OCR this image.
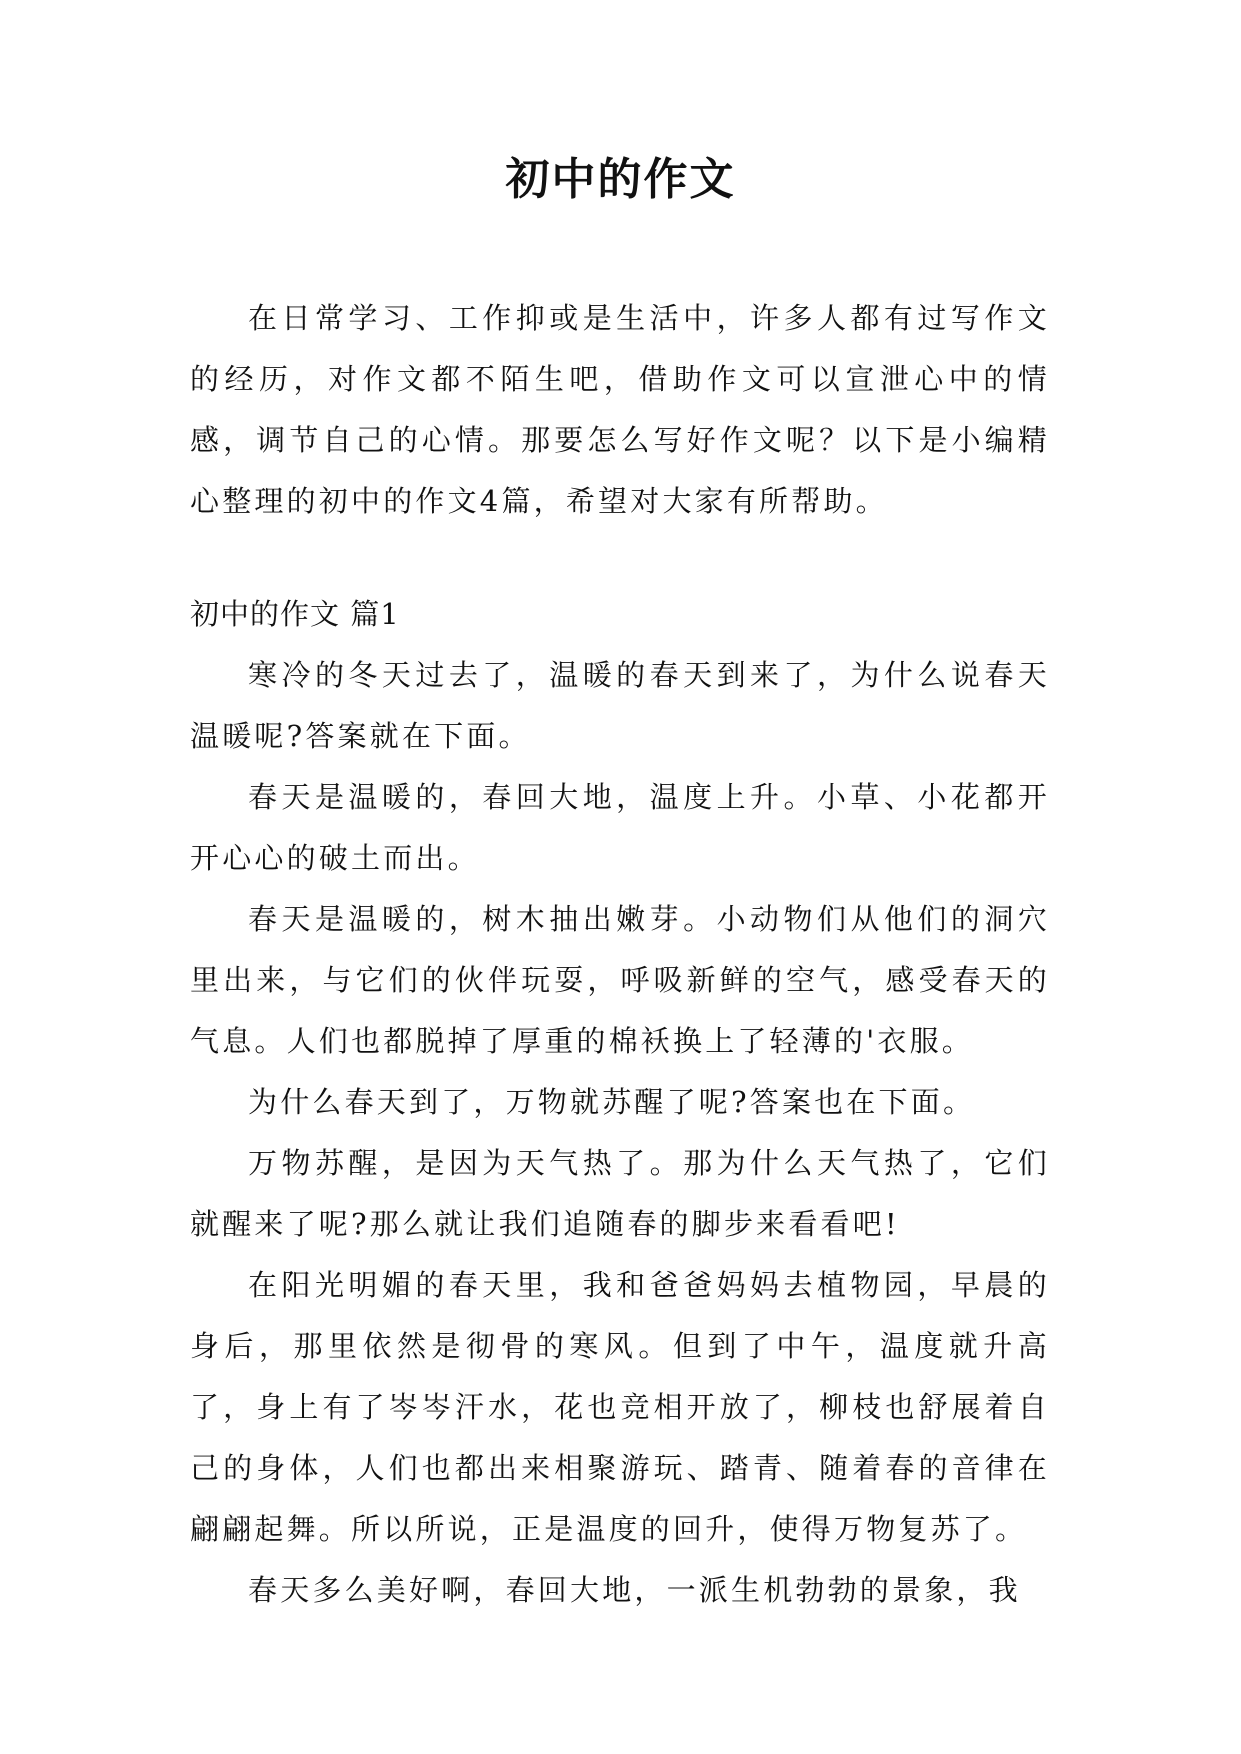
初中的作文

在日常学习、工作抑或是生活中，许多人都有过写作文的经历，对作文都不陌生吧，借助作文可以宣泄心中的情感，调节自己的心情。那要怎么写好作文呢？以下是小编精心整理的初中的作文4篇，希望对大家有所帮助。

初中的作文 篇1

寒冷的冬天过去了，温暖的春天到来了，为什么说春天温暖呢?答案就在下面。

春天是温暖的，春回大地，温度上升。小草、小花都开开心心的破土而出。

春天是温暖的，树木抽出嫩芽。小动物们从他们的洞穴里出来，与它们的伙伴玩耍，呼吸新鲜的空气，感受春天的气息。人们也都脱掉了厚重的棉袄换上了轻薄的'衣服。

为什么春天到了，万物就苏醒了呢?答案也在下面。

万物苏醒，是因为天气热了。那为什么天气热了，它们就醒来了呢?那么就让我们追随春的脚步来看看吧!

在阳光明媚的春天里，我和爸爸妈妈去植物园，早晨的身后，那里依然是彻骨的寒风。但到了中午，温度就升高了，身上有了岑岑汗水，花也竞相开放了，柳枝也舒展着自己的身体，人们也都出来相聚游玩、踏青、随着春的音律在翩翩起舞。所以所说，正是温度的回升，使得万物复苏了。

春天多么美好啊，春回大地，一派生机勃勃的景象，我
